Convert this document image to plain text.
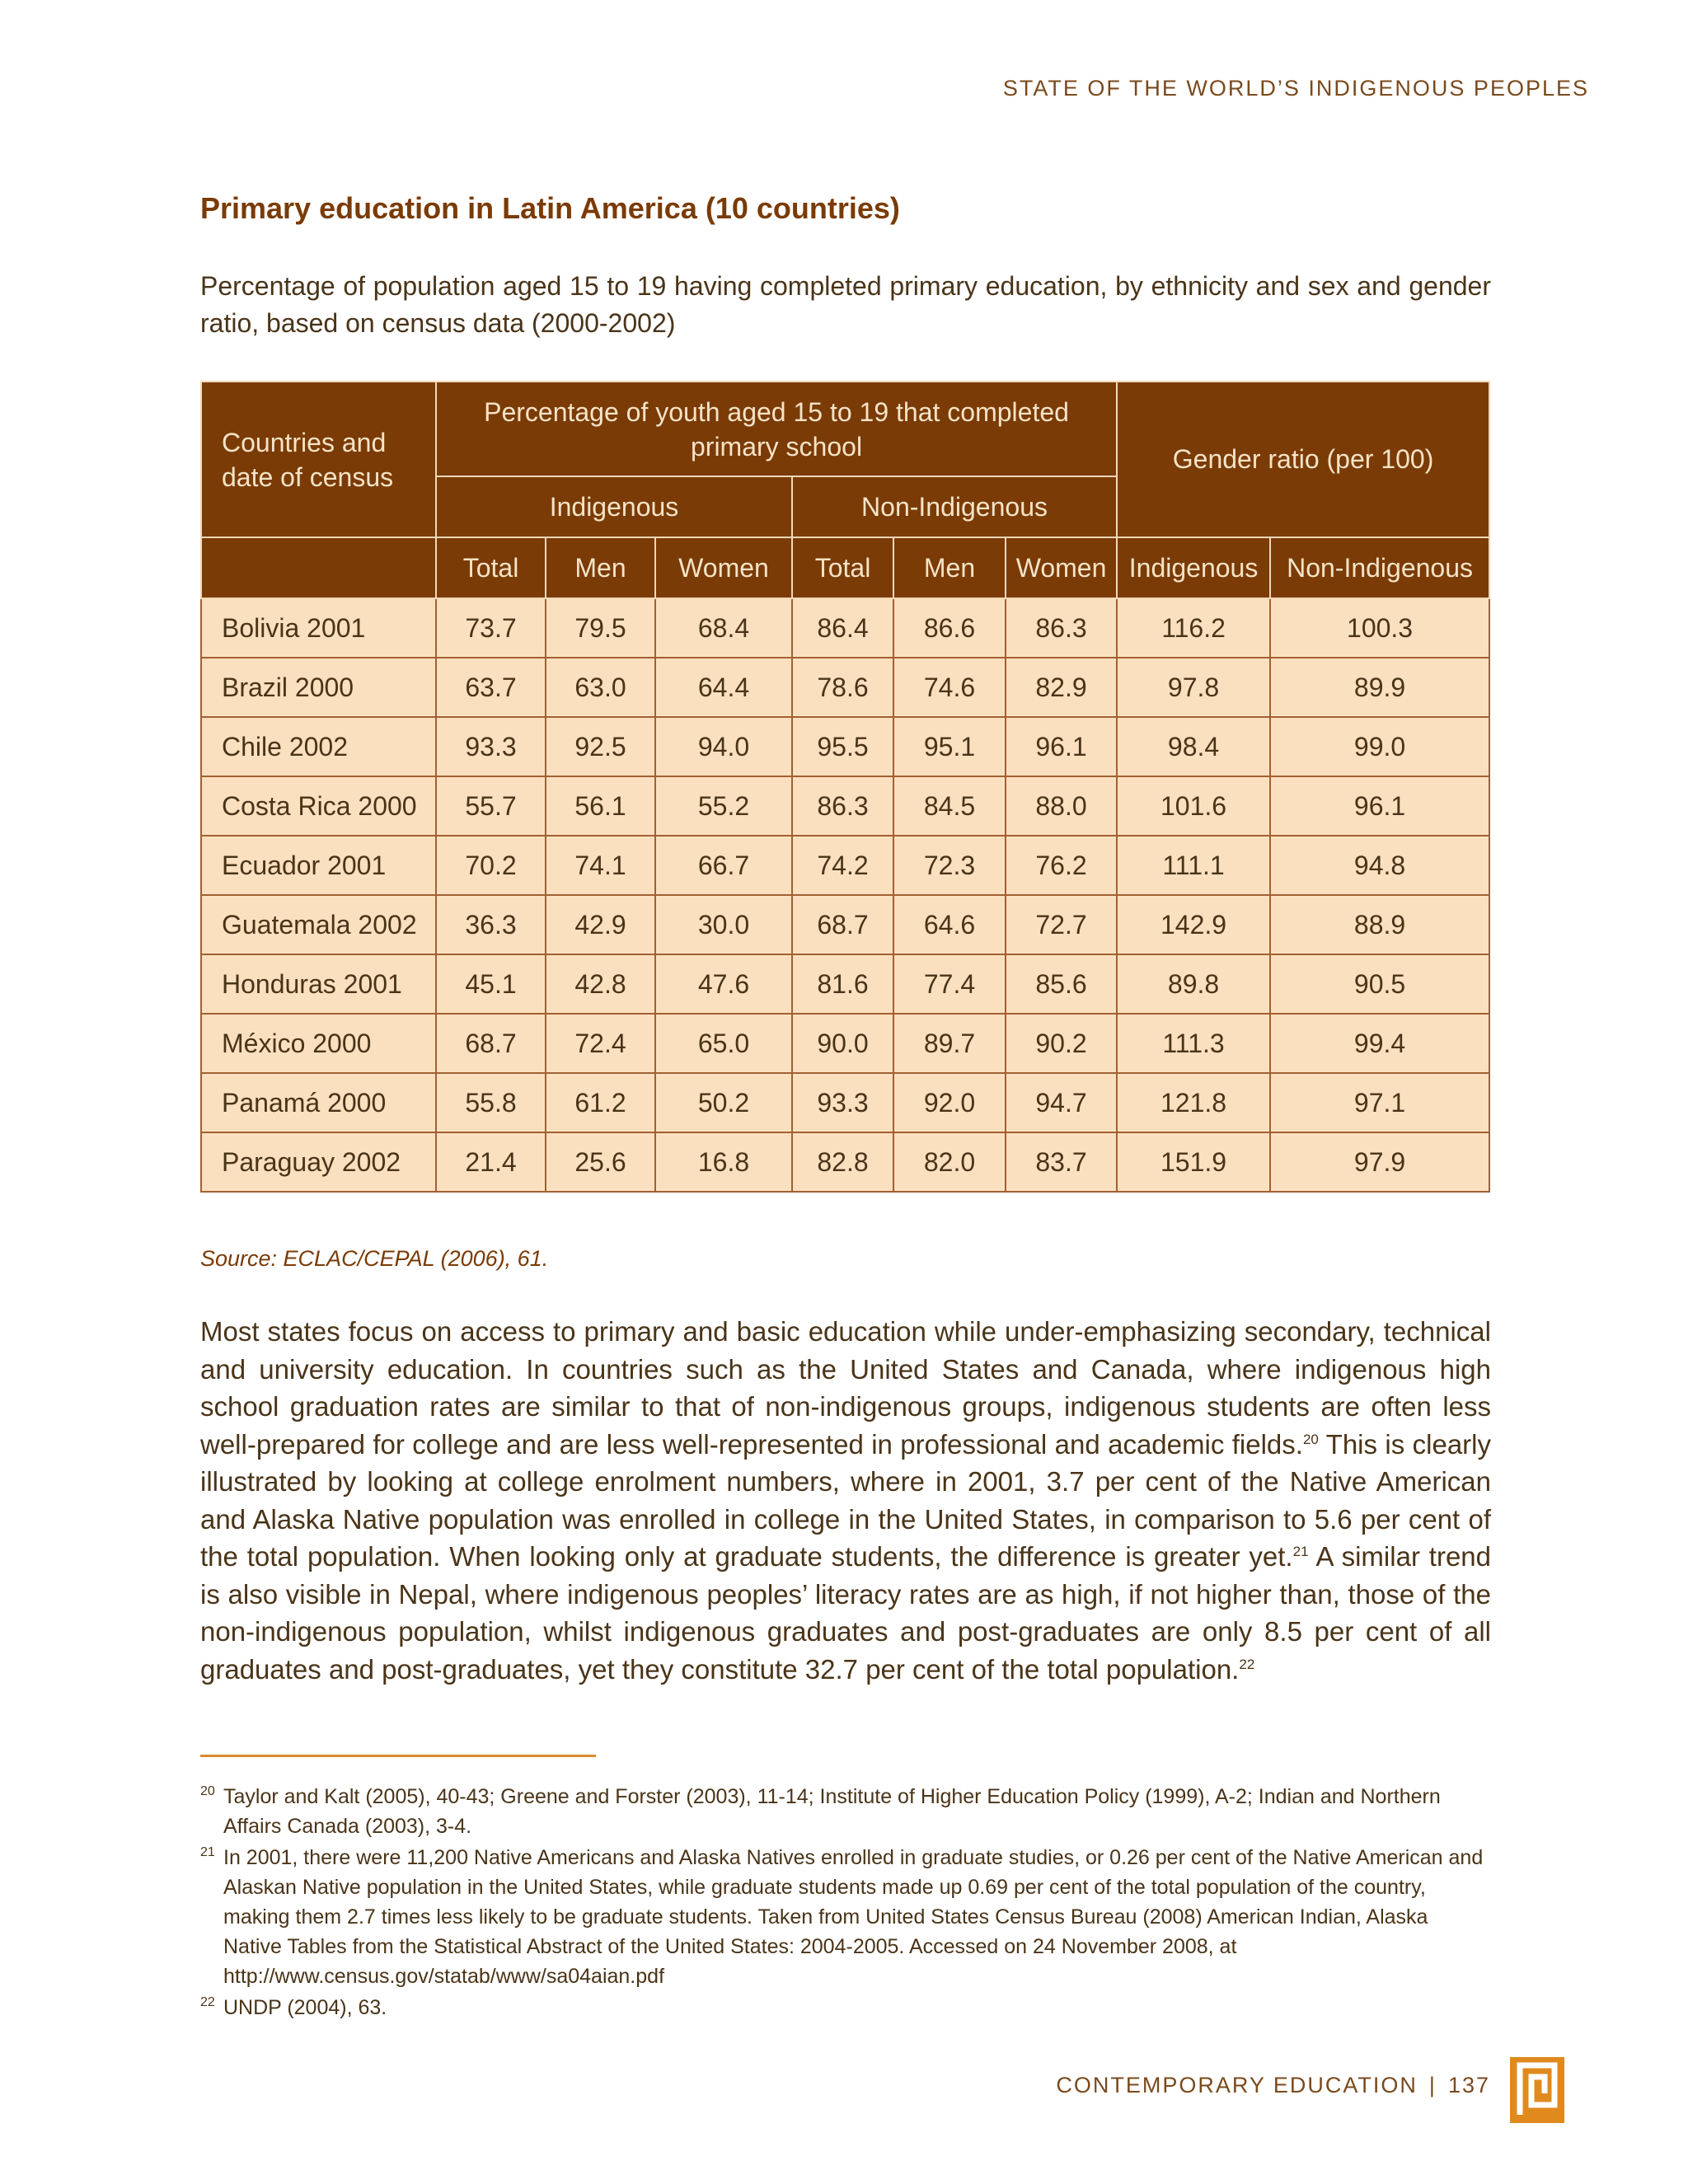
STATE OF THE WORLD’S INDIGENOUS PEOPLES
Primary education in Latin America (10 countries)
Percentage of population aged 15 to 19 having completed primary education, by ethnicity and sex and gender ratio, based on census data (2000-2002)
Countries and date of census	Percentage of youth aged 15 to 19 that completed primary school						Gender ratio (per 100)	
	Indigenous			Non-Indigenous				
	Total	Men	Women	Total	Men	Women	Indigenous	Non-Indigenous
Bolivia 2001	73.7	79.5	68.4	86.4	86.6	86.3	116.2	100.3
Brazil 2000	63.7	63.0	64.4	78.6	74.6	82.9	97.8	89.9
Chile 2002	93.3	92.5	94.0	95.5	95.1	96.1	98.4	99.0
Costa Rica 2000	55.7	56.1	55.2	86.3	84.5	88.0	101.6	96.1
Ecuador 2001	70.2	74.1	66.7	74.2	72.3	76.2	111.1	94.8
Guatemala 2002	36.3	42.9	30.0	68.7	64.6	72.7	142.9	88.9
Honduras 2001	45.1	42.8	47.6	81.6	77.4	85.6	89.8	90.5
México 2000	68.7	72.4	65.0	90.0	89.7	90.2	111.3	99.4
Panamá 2000	55.8	61.2	50.2	93.3	92.0	94.7	121.8	97.1
Paraguay 2002	21.4	25.6	16.8	82.8	82.0	83.7	151.9	97.9
Source: ECLAC/CEPAL (2006), 61.
Most states focus on access to primary and basic education while under-emphasizing secondary, technical and university education. In countries such as the United States and Canada, where indigenous high school graduation rates are similar to that of non-indigenous groups, indigenous students are often less well-prepared for college and are less well-represented in professional and academic fields.$^{20}$ This is clearly illustrated by looking at college enrolment numbers, where in 2001, 3.7 per cent of the Native American and Alaska Native population was enrolled in college in the United States, in comparison to 5.6 per cent of the total population. When looking only at graduate students, the difference is greater yet.$^{21}$ A similar trend is also visible in Nepal, where indigenous peoples’ literacy rates are as high, if not higher than, those of the non-indigenous population, whilst indigenous graduates and post-graduates are only 8.5 per cent of all graduates and post-graduates, yet they constitute 32.7 per cent of the total population.$^{22}$
20 Taylor and Kalt (2005), 40-43; Greene and Forster (2003), 11-14; Institute of Higher Education Policy (1999), A-2; Indian and Northern Affairs Canada (2003), 3-4.
21 In 2001, there were 11,200 Native Americans and Alaska Natives enrolled in graduate studies, or 0.26 per cent of the Native American and Alaskan Native population in the United States, while graduate students made up 0.69 per cent of the total population of the country, making them 2.7 times less likely to be graduate students. Taken from United States Census Bureau (2008) American Indian, Alaska Native Tables from the Statistical Abstract of the United States: 2004-2005. Accessed on 24 November 2008, at http://www.census.gov/statab/www/sa04aian.pdf
22 UNDP (2004), 63.
CONTEMPORARY EDUCATION | 137
